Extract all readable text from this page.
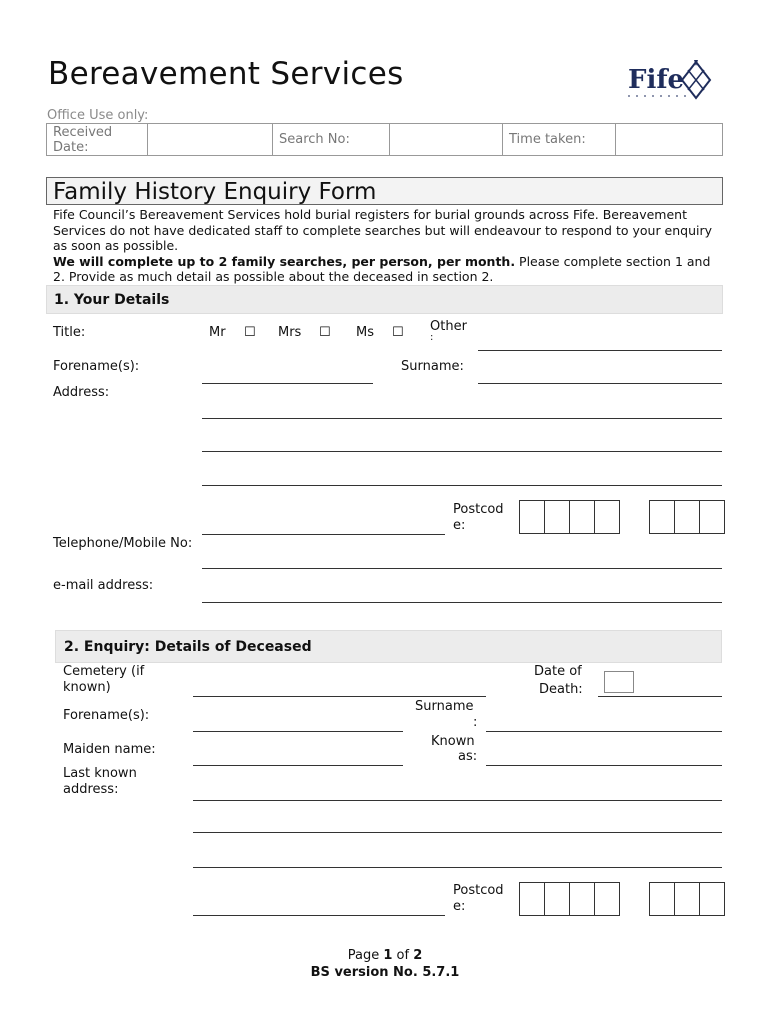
Bereavement Services	Fife
Office Use only:
Received Date:		Search No:		Time taken:	
Family History Enquiry Form
Fife Council’s Bereavement Services hold burial registers for burial grounds across Fife. Bereavement Services do not have dedicated staff to complete searches but will endeavour to respond to your enquiry as soon as possible.
We will complete up to 2 family searches, per person, per month. Please complete section 1 and 2. Provide as much detail as possible about the deceased in section 2.
1. Your Details
Title:	Mr ☐ Mrs ☐ Ms ☐ Other
:
Forename(s):	Surname:
Address:
Postcod
e:
Telephone/Mobile No:
e-mail address:
2. Enquiry: Details of Deceased
Cemetery (if known)
Date of
Death:
Forename(s):
Surname
:
Maiden name:
Known
as:
Last known address:
Postcod
e:
Page 1 of 2
BS version No. 5.7.1
